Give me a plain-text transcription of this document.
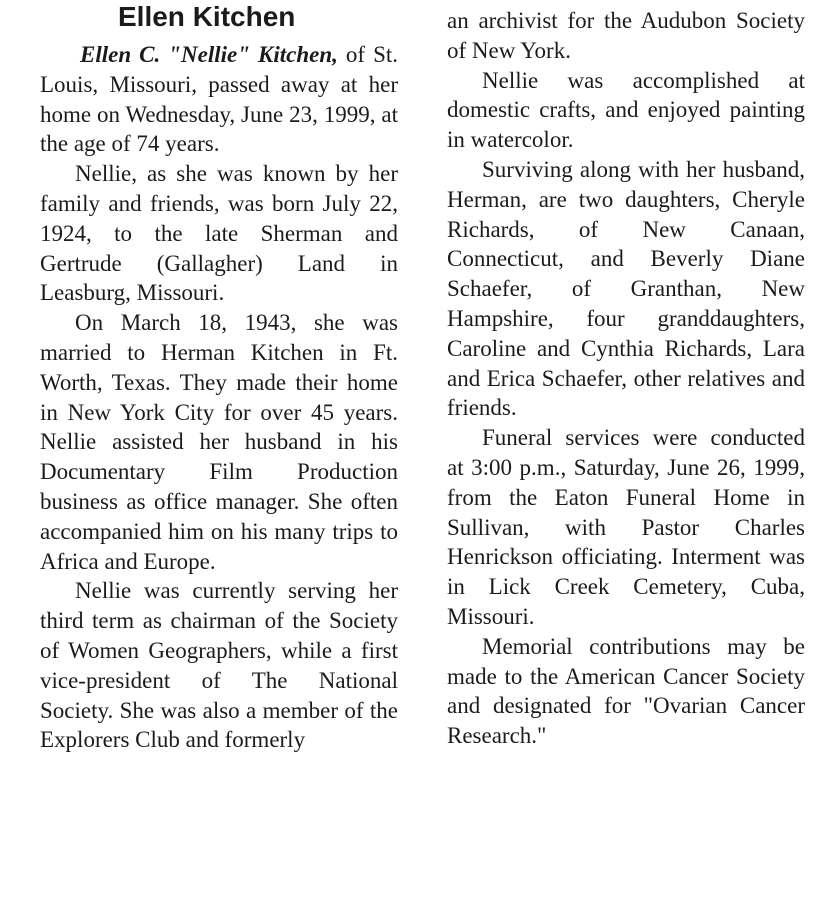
Ellen Kitchen

Ellen C. "Nellie" Kitchen, of St. Louis, Missouri, passed away at her home on Wednesday, June 23, 1999, at the age of 74 years.

Nellie, as she was known by her family and friends, was born July 22, 1924, to the late Sherman and Gertrude (Gallagher) Land in Leasburg, Missouri.

On March 18, 1943, she was married to Herman Kitchen in Ft. Worth, Texas. They made their home in New York City for over 45 years. Nellie assisted her husband in his Documentary Film Production business as office manager. She often accompanied him on his many trips to Africa and Europe.

Nellie was currently serving her third term as chairman of the Society of Women Geographers, while a first vice-president of The National Society. She was also a member of the Explorers Club and formerly

an archivist for the Audubon Society of New York.

Nellie was accomplished at domestic crafts, and enjoyed painting in watercolor.

Surviving along with her husband, Herman, are two daughters, Cheryle Richards, of New Canaan, Connecticut, and Beverly Diane Schaefer, of Granthan, New Hampshire, four granddaughters, Caroline and Cynthia Richards, Lara and Erica Schaefer, other relatives and friends.

Funeral services were conducted at 3:00 p.m., Saturday, June 26, 1999, from the Eaton Funeral Home in Sullivan, with Pastor Charles Henrickson officiating. Interment was in Lick Creek Cemetery, Cuba, Missouri.

Memorial contributions may be made to the American Cancer Society and designated for "Ovarian Cancer Research."
